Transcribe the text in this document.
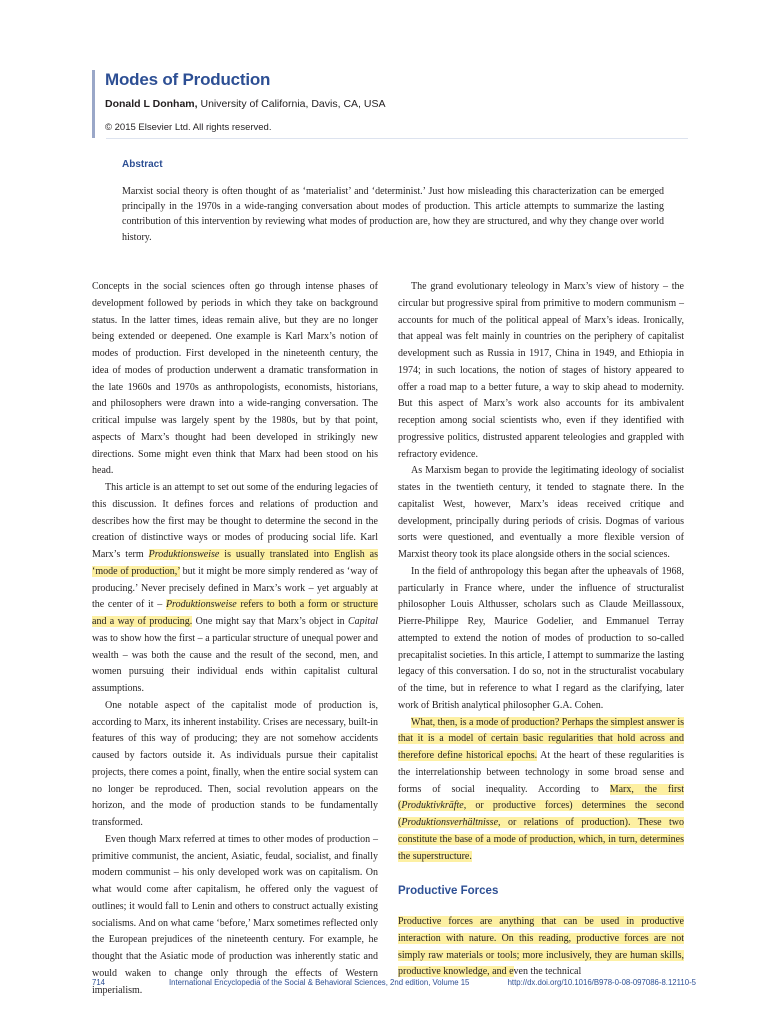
Modes of Production
Donald L Donham, University of California, Davis, CA, USA
© 2015 Elsevier Ltd. All rights reserved.
Abstract

Marxist social theory is often thought of as ‘materialist’ and ‘determinist.’ Just how misleading this characterization can be emerged principally in the 1970s in a wide-ranging conversation about modes of production. This article attempts to summarize the lasting contribution of this intervention by reviewing what modes of production are, how they are structured, and why they change over world history.

Concepts in the social sciences often go through intense phases of development followed by periods in which they take on background status. In the latter times, ideas remain alive, but they are no longer being extended or deepened. One example is Karl Marx’s notion of modes of production. First developed in the nineteenth century, the idea of modes of production underwent a dramatic transformation in the late 1960s and 1970s as anthropologists, economists, historians, and philosophers were drawn into a wide-ranging conversation. The critical impulse was largely spent by the 1980s, but by that point, aspects of Marx’s thought had been developed in strikingly new directions. Some might even think that Marx had been stood on his head.

This article is an attempt to set out some of the enduring legacies of this discussion. It defines forces and relations of production and describes how the first may be thought to determine the second in the creation of distinctive ways or modes of producing social life. Karl Marx’s term Produktionsweise is usually translated into English as ‘mode of production,’ but it might be more simply rendered as ‘way of producing.’ Never precisely defined in Marx’s work – yet arguably at the center of it – Produktionsweise refers to both a form or structure and a way of producing. One might say that Marx’s object in Capital was to show how the first – a particular structure of unequal power and wealth – was both the cause and the result of the second, men, and women pursuing their individual ends within capitalist cultural assumptions.

One notable aspect of the capitalist mode of production is, according to Marx, its inherent instability. Crises are necessary, built-in features of this way of producing; they are not somehow accidents caused by factors outside it. As individuals pursue their capitalist projects, there comes a point, finally, when the entire social system can no longer be reproduced. Then, social revolution appears on the horizon, and the mode of production stands to be fundamentally transformed.

Even though Marx referred at times to other modes of production – primitive communist, the ancient, Asiatic, feudal, socialist, and finally modern communist – his only developed work was on capitalism. On what would come after capitalism, he offered only the vaguest of outlines; it would fall to Lenin and others to construct actually existing socialisms. And on what came ‘before,’ Marx sometimes reflected only the European prejudices of the nineteenth century. For example, he thought that the Asiatic mode of production was inherently static and would waken to change only through the effects of Western imperialism.

The grand evolutionary teleology in Marx’s view of history – the circular but progressive spiral from primitive to modern communism – accounts for much of the political appeal of Marx’s ideas. Ironically, that appeal was felt mainly in countries on the periphery of capitalist development such as Russia in 1917, China in 1949, and Ethiopia in 1974; in such locations, the notion of stages of history appeared to offer a road map to a better future, a way to skip ahead to modernity. But this aspect of Marx’s work also accounts for its ambivalent reception among social scientists who, even if they identified with progressive politics, distrusted apparent teleologies and grappled with refractory evidence.

As Marxism began to provide the legitimating ideology of socialist states in the twentieth century, it tended to stagnate there. In the capitalist West, however, Marx’s ideas received critique and development, principally during periods of crisis. Dogmas of various sorts were questioned, and eventually a more flexible version of Marxist theory took its place alongside others in the social sciences.

In the field of anthropology this began after the upheavals of 1968, particularly in France where, under the influence of structuralist philosopher Louis Althusser, scholars such as Claude Meillassoux, Pierre-Philippe Rey, Maurice Godelier, and Emmanuel Terray attempted to extend the notion of modes of production to so-called precapitalist societies. In this article, I attempt to summarize the lasting legacy of this conversation. I do so, not in the structuralist vocabulary of the time, but in reference to what I regard as the clarifying, later work of British analytical philosopher G.A. Cohen.

What, then, is a mode of production? Perhaps the simplest answer is that it is a model of certain basic regularities that hold across and therefore define historical epochs. At the heart of these regularities is the interrelationship between technology in some broad sense and forms of social inequality. According to Marx, the first (Produktivkräfte, or productive forces) determines the second (Produktionsverhältnisse, or relations of production). These two constitute the base of a mode of production, which, in turn, determines the superstructure.

Productive Forces

Productive forces are anything that can be used in productive interaction with nature. On this reading, productive forces are not simply raw materials or tools; more inclusively, they are human skills, productive knowledge, and even the technical

714	International Encyclopedia of the Social & Behavioral Sciences, 2nd edition, Volume 15	http://dx.doi.org/10.1016/B978-0-08-097086-8.12110-5
